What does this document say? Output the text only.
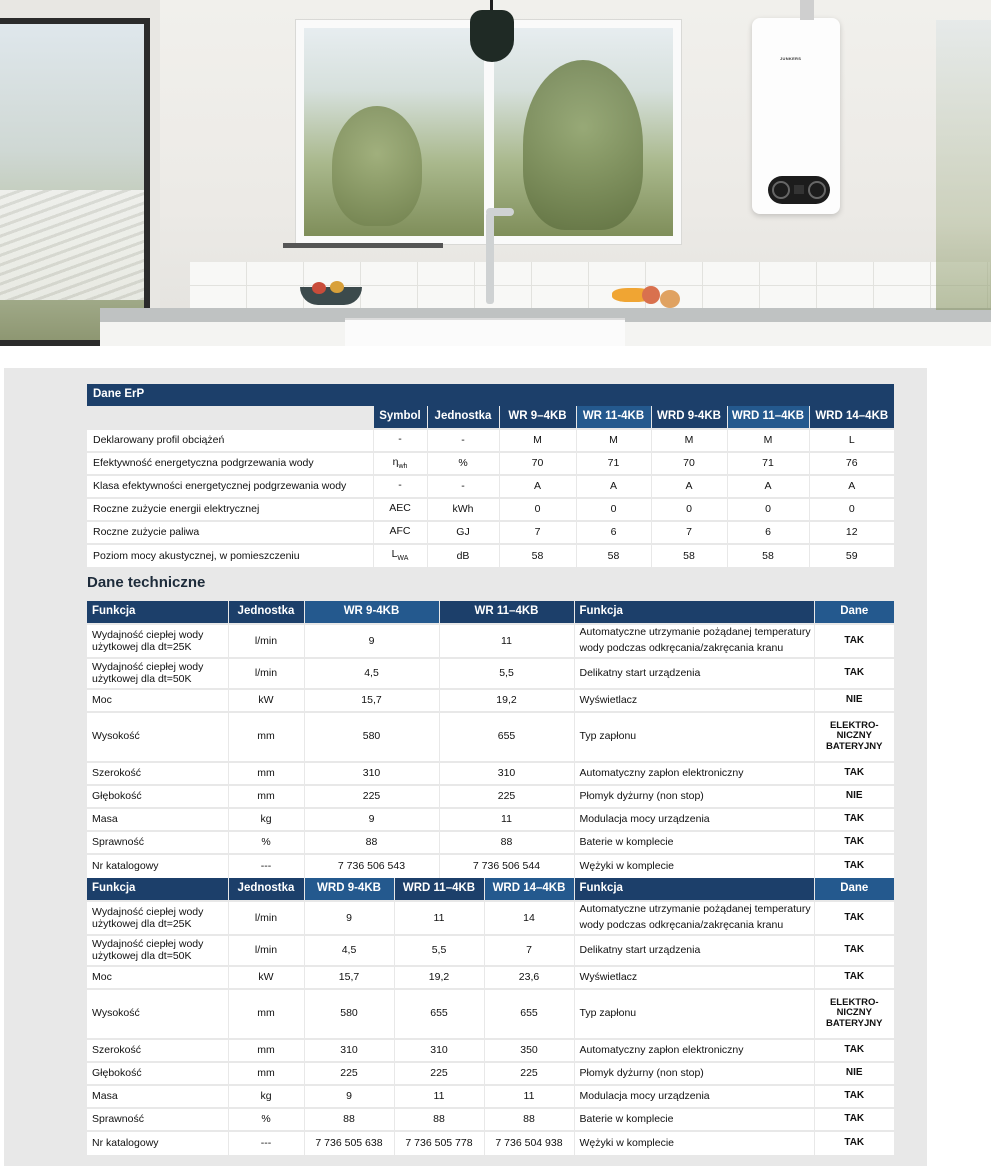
JUNKERS
Dane ErP							
	Symbol	Jednostka	WR 9–4KB	WR 11-4KB	WRD 9-4KB	WRD 11–4KB	WRD 14–4KB
Deklarowany profil obciążeń	-	-	M	M	M	M	L
Efektywność energetyczna podgrzewania wody	$\eta_{wh}$	%	70	71	70	71	76
Klasa efektywności energetycznej podgrzewania wody	-	-	A	A	A	A	A
Roczne zużycie energii elektrycznej	AEC	kWh	0	0	0	0	0
Roczne zużycie paliwa	AFC	GJ	7	6	7	6	12
Poziom mocy akustycznej, w pomieszczeniu	$L_{WA}$	dB	58	58	58	58	59
Dane techniczne
Funkcja	Jednostka	WR 9-4KB	WR 11–4KB	Funkcja	Dane
Wydajność ciepłej wody użytkowej dla dt=25K	l/min	9	11	Automatyczne utrzymanie pożądanej temperatury wody podczas odkręcania/zakręcania kranu	TAK
Wydajność ciepłej wody użytkowej dla dt=50K	l/min	4,5	5,5	Delikatny start urządzenia	TAK
Moc	kW	15,7	19,2	Wyświetlacz	NIE
Wysokość	mm	580	655	Typ zapłonu	ELEKTRO-NICZNY BATERYJNY
Szerokość	mm	310	310	Automatyczny zapłon elektroniczny	TAK
Głębokość	mm	225	225	Płomyk dyżurny (non stop)	NIE
Masa	kg	9	11	Modulacja mocy urządzenia	TAK
Sprawność	%	88	88	Baterie w komplecie	TAK
Nr katalogowy	---	7 736 506 543	7 736 506 544	Wężyki w komplecie	TAK
Funkcja	Jednostka	WRD 9-4KB	WRD 11–4KB	WRD 14–4KB	Funkcja	Dane
Wydajność ciepłej wody użytkowej dla dt=25K	l/min	9	11	14	Automatyczne utrzymanie pożądanej temperatury wody podczas odkręcania/zakręcania kranu	TAK
Wydajność ciepłej wody użytkowej dla dt=50K	l/min	4,5	5,5	7	Delikatny start urządzenia	TAK
Moc	kW	15,7	19,2	23,6	Wyświetlacz	TAK
Wysokość	mm	580	655	655	Typ zapłonu	ELEKTRO-NICZNY BATERYJNY
Szerokość	mm	310	310	350	Automatyczny zapłon elektroniczny	TAK
Głębokość	mm	225	225	225	Płomyk dyżurny (non stop)	NIE
Masa	kg	9	11	11	Modulacja mocy urządzenia	TAK
Sprawność	%	88	88	88	Baterie w komplecie	TAK
Nr katalogowy	---	7 736 505 638	7 736 505 778	7 736 504 938	Wężyki w komplecie	TAK
